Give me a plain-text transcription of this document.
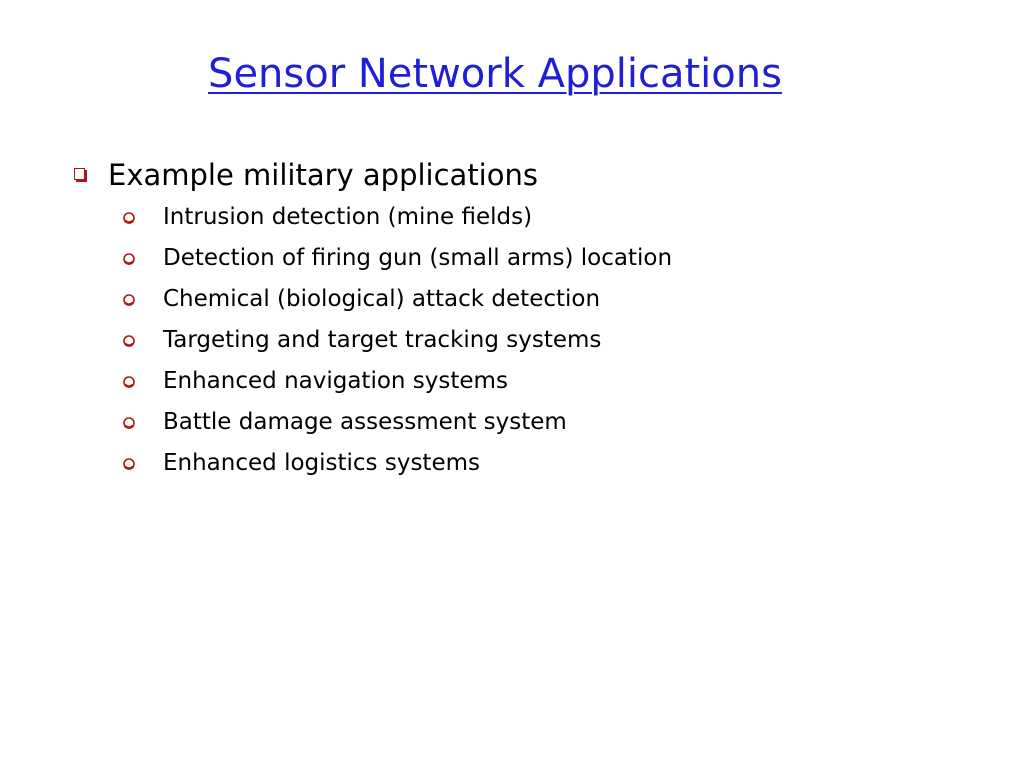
Sensor Network Applications
Example military applications
Intrusion detection (mine fields)
Detection of firing gun (small arms) location
Chemical (biological) attack detection
Targeting and target tracking systems
Enhanced navigation systems
Battle damage assessment system
Enhanced logistics systems
